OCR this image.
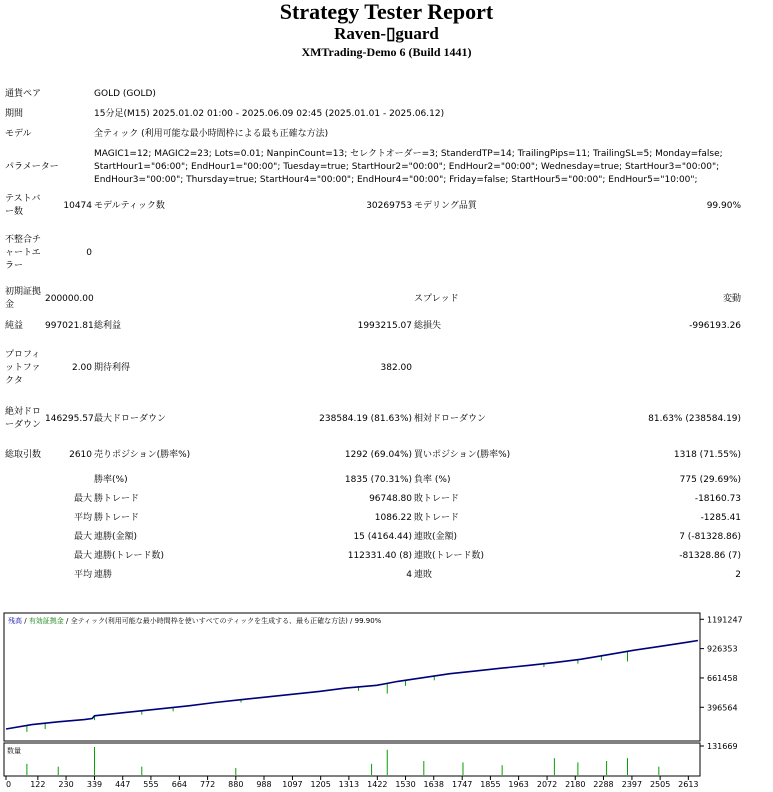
Strategy Tester Report
Raven-▯guard
XMTrading-Demo 6 (Build 1441)
通貨ペア		GOLD (GOLD)			
期間		15分足(M15) 2025.01.02 01:00 - 2025.06.09 02:45 (2025.01.01 - 2025.06.12)			
モデル		全ティック (利用可能な最小時間枠による最も正確な方法)			
パラメーター		MAGIC1=12; MAGIC2=23; Lots=0.01; NanpinCount=13; セレクトオーダー=3; StanderdTP=14; TrailingPips=11; TrailingSL=5; Monday=false;
StartHour1="06:00"; EndHour1="00:00"; Tuesday=true; StartHour2="00:00"; EndHour2="00:00"; Wednesday=true; StartHour3="00:00";
EndHour3="00:00"; Thursday=true; StartHour4="00:00"; EndHour4="00:00"; Friday=false; StartHour5="00:00"; EndHour5="10:00";			

テストバー数	10474	モデルティック数	30269753	モデリング品質	99.90%
不整合チャートエラー	0				
初期証拠金	200000.00			スプレッド	変動
純益	997021.81	総利益	1993215.07	総損失	-996193.26
プロフィットファクタ	2.00	期待利得	382.00		
絶対ドローダウン	146295.57	最大ドローダウン	238584.19 (81.63%)	相対ドローダウン	81.63% (238584.19)
総取引数	2610	売りポジション(勝率%)	1292 (69.04%)	買いポジション(勝率%)	1318 (71.55%)
		勝率(%)	1835 (70.31%)	負率 (%)	775 (29.69%)
	最大	勝トレード	96748.80	敗トレード	-18160.73
	平均	勝トレード	1086.22	敗トレード	-1285.41
	最大	連勝(金額)	15 (4164.44)	連敗(金額)	7 (-81328.86)
	最大	連勝(トレード数)	112331.40 (8)	連敗(トレード数)	-81328.86 (7)
	平均	連勝	4	連敗	2
残高 / 有効証拠金 / 全ティック(利用可能な最小時間枠を使いすべてのティックを生成する、最も正確な方法) / 99.90%
数量
1191247
926353
661458
396564
131669
0 122 230 339 447 555 664 772 880 988 1097 1205 1313 1422 1530 1638 1747 1855 1963 2072 2180 2288 2397 2505 2613
